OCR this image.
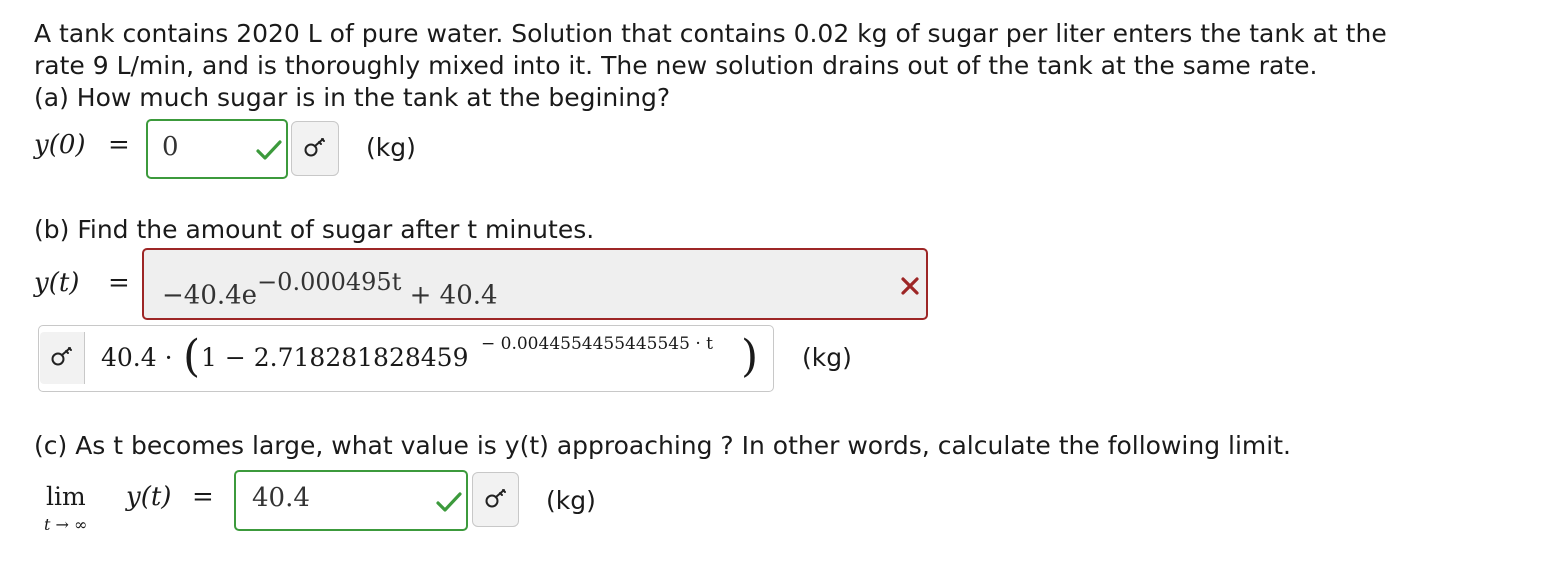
A tank contains 2020 L of pure water. Solution that contains 0.02 kg of sugar per liter enters the tank at the
rate 9 L/min, and is thoroughly mixed into it. The new solution drains out of the tank at the same rate.
(a) How much sugar is in the tank at the begining?
y(0) = 0	(kg)
(b) Find the amount of sugar after t minutes.
$y(t) = -40.4e^{-0.000495t} + 40.4$
40.4 · ( 1 − 2.718281828459 − 0.0044554455445545 · t ) (kg)
(c) As t becomes large, what value is y(t) approaching ? In other words, calculate the following limit.
lim
t → ∞
y(t) = 40.4	(kg)
